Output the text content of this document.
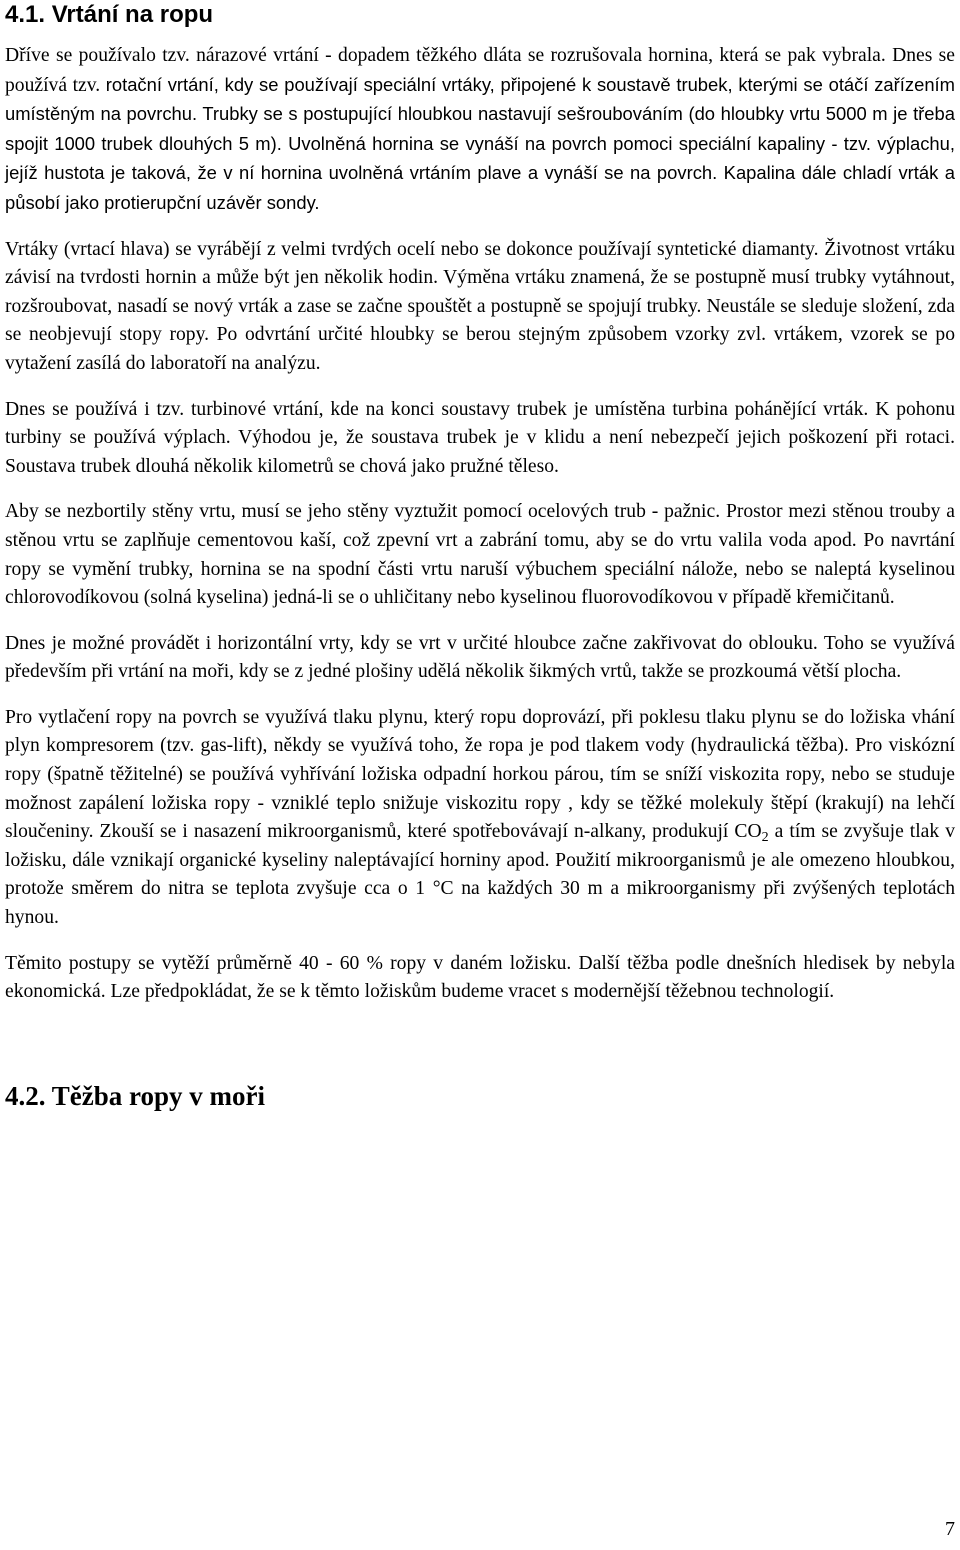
4.1. Vrtání na ropu

Dříve se používalo tzv. nárazové vrtání - dopadem těžkého dláta se rozrušovala hornina, která se pak vybrala. Dnes se používá tzv. rotační vrtání, kdy se používají speciální vrtáky, připojené k soustavě trubek, kterými se otáčí zařízením umístěným na povrchu. Trubky se s postupující hloubkou nastavují sešroubováním (do hloubky vrtu 5000 m je třeba spojit 1000 trubek dlouhých 5 m). Uvolněná hornina se vynáší na povrch pomoci speciální kapaliny - tzv. výplachu, jejíž hustota je taková, že v ní hornina uvolněná vrtáním plave a vynáší se na povrch. Kapalina dále chladí vrták a působí jako protierupční uzávěr sondy.

Vrtáky (vrtací hlava) se vyrábějí z velmi tvrdých ocelí nebo se dokonce používají syntetické diamanty. Životnost vrtáku závisí na tvrdosti hornin a může být jen několik hodin. Výměna vrtáku znamená, že se postupně musí trubky vytáhnout, rozšroubovat, nasadí se nový vrták a zase se začne spouštět a postupně se spojují trubky. Neustále se sleduje složení, zda se neobjevují stopy ropy. Po odvrtání určité hloubky se berou stejným způsobem vzorky zvl. vrtákem, vzorek se po vytažení zasílá do laboratoří na analýzu.

Dnes se používá i tzv. turbinové vrtání, kde na konci soustavy trubek je umístěna turbina pohánějící vrták. K pohonu turbiny se používá výplach. Výhodou je, že soustava trubek je v klidu a není nebezpečí jejich poškození při rotaci. Soustava trubek dlouhá několik kilometrů se chová jako pružné těleso.

Aby se nezbortily stěny vrtu, musí se jeho stěny vyztužit pomocí ocelových trub - pažnic. Prostor mezi stěnou trouby a stěnou vrtu se zaplňuje cementovou kaší, což zpevní vrt a zabrání tomu, aby se do vrtu valila voda apod. Po navrtání ropy se vymění trubky, hornina se na spodní části vrtu naruší výbuchem speciální nálože, nebo se naleptá kyselinou chlorovodíkovou (solná kyselina) jedná-li se o uhličitany nebo kyselinou fluorovodíkovou v případě křemičitanů.

Dnes je možné provádět i horizontální vrty, kdy se vrt v určité hloubce začne zakřivovat do oblouku. Toho se využívá především při vrtání na moři, kdy se z jedné plošiny udělá několik šikmých vrtů, takže se prozkoumá větší plocha.

Pro vytlačení ropy na povrch se využívá tlaku plynu, který ropu doprovází, při poklesu tlaku plynu se do ložiska vhání plyn kompresorem (tzv. gas-lift), někdy se využívá toho, že ropa je pod tlakem vody (hydraulická těžba). Pro viskózní ropy (špatně těžitelné) se používá vyhřívání ložiska odpadní horkou párou, tím se sníží viskozita ropy, nebo se studuje možnost zapálení ložiska ropy - vzniklé teplo snižuje viskozitu ropy , kdy se těžké molekuly štěpí (krakují) na lehčí sloučeniny. Zkouší se i nasazení mikroorganismů, které spotřebovávají n-alkany, produkují $CO_2$ a tím se zvyšuje tlak v ložisku, dále vznikají organické kyseliny naleptávající horniny apod. Použití mikroorganismů je ale omezeno hloubkou, protože směrem do nitra se teplota zvyšuje cca o 1 °C na každých 30 m a mikroorganismy při zvýšených teplotách hynou.

Těmito postupy se vytěží průměrně 40 - 60 % ropy v daném ložisku. Další těžba podle dnešních hledisek by nebyla ekonomická. Lze předpokládat, že se k těmto ložiskům budeme vracet s modernější těžebnou technologií.

4.2. Těžba ropy v moři
7
